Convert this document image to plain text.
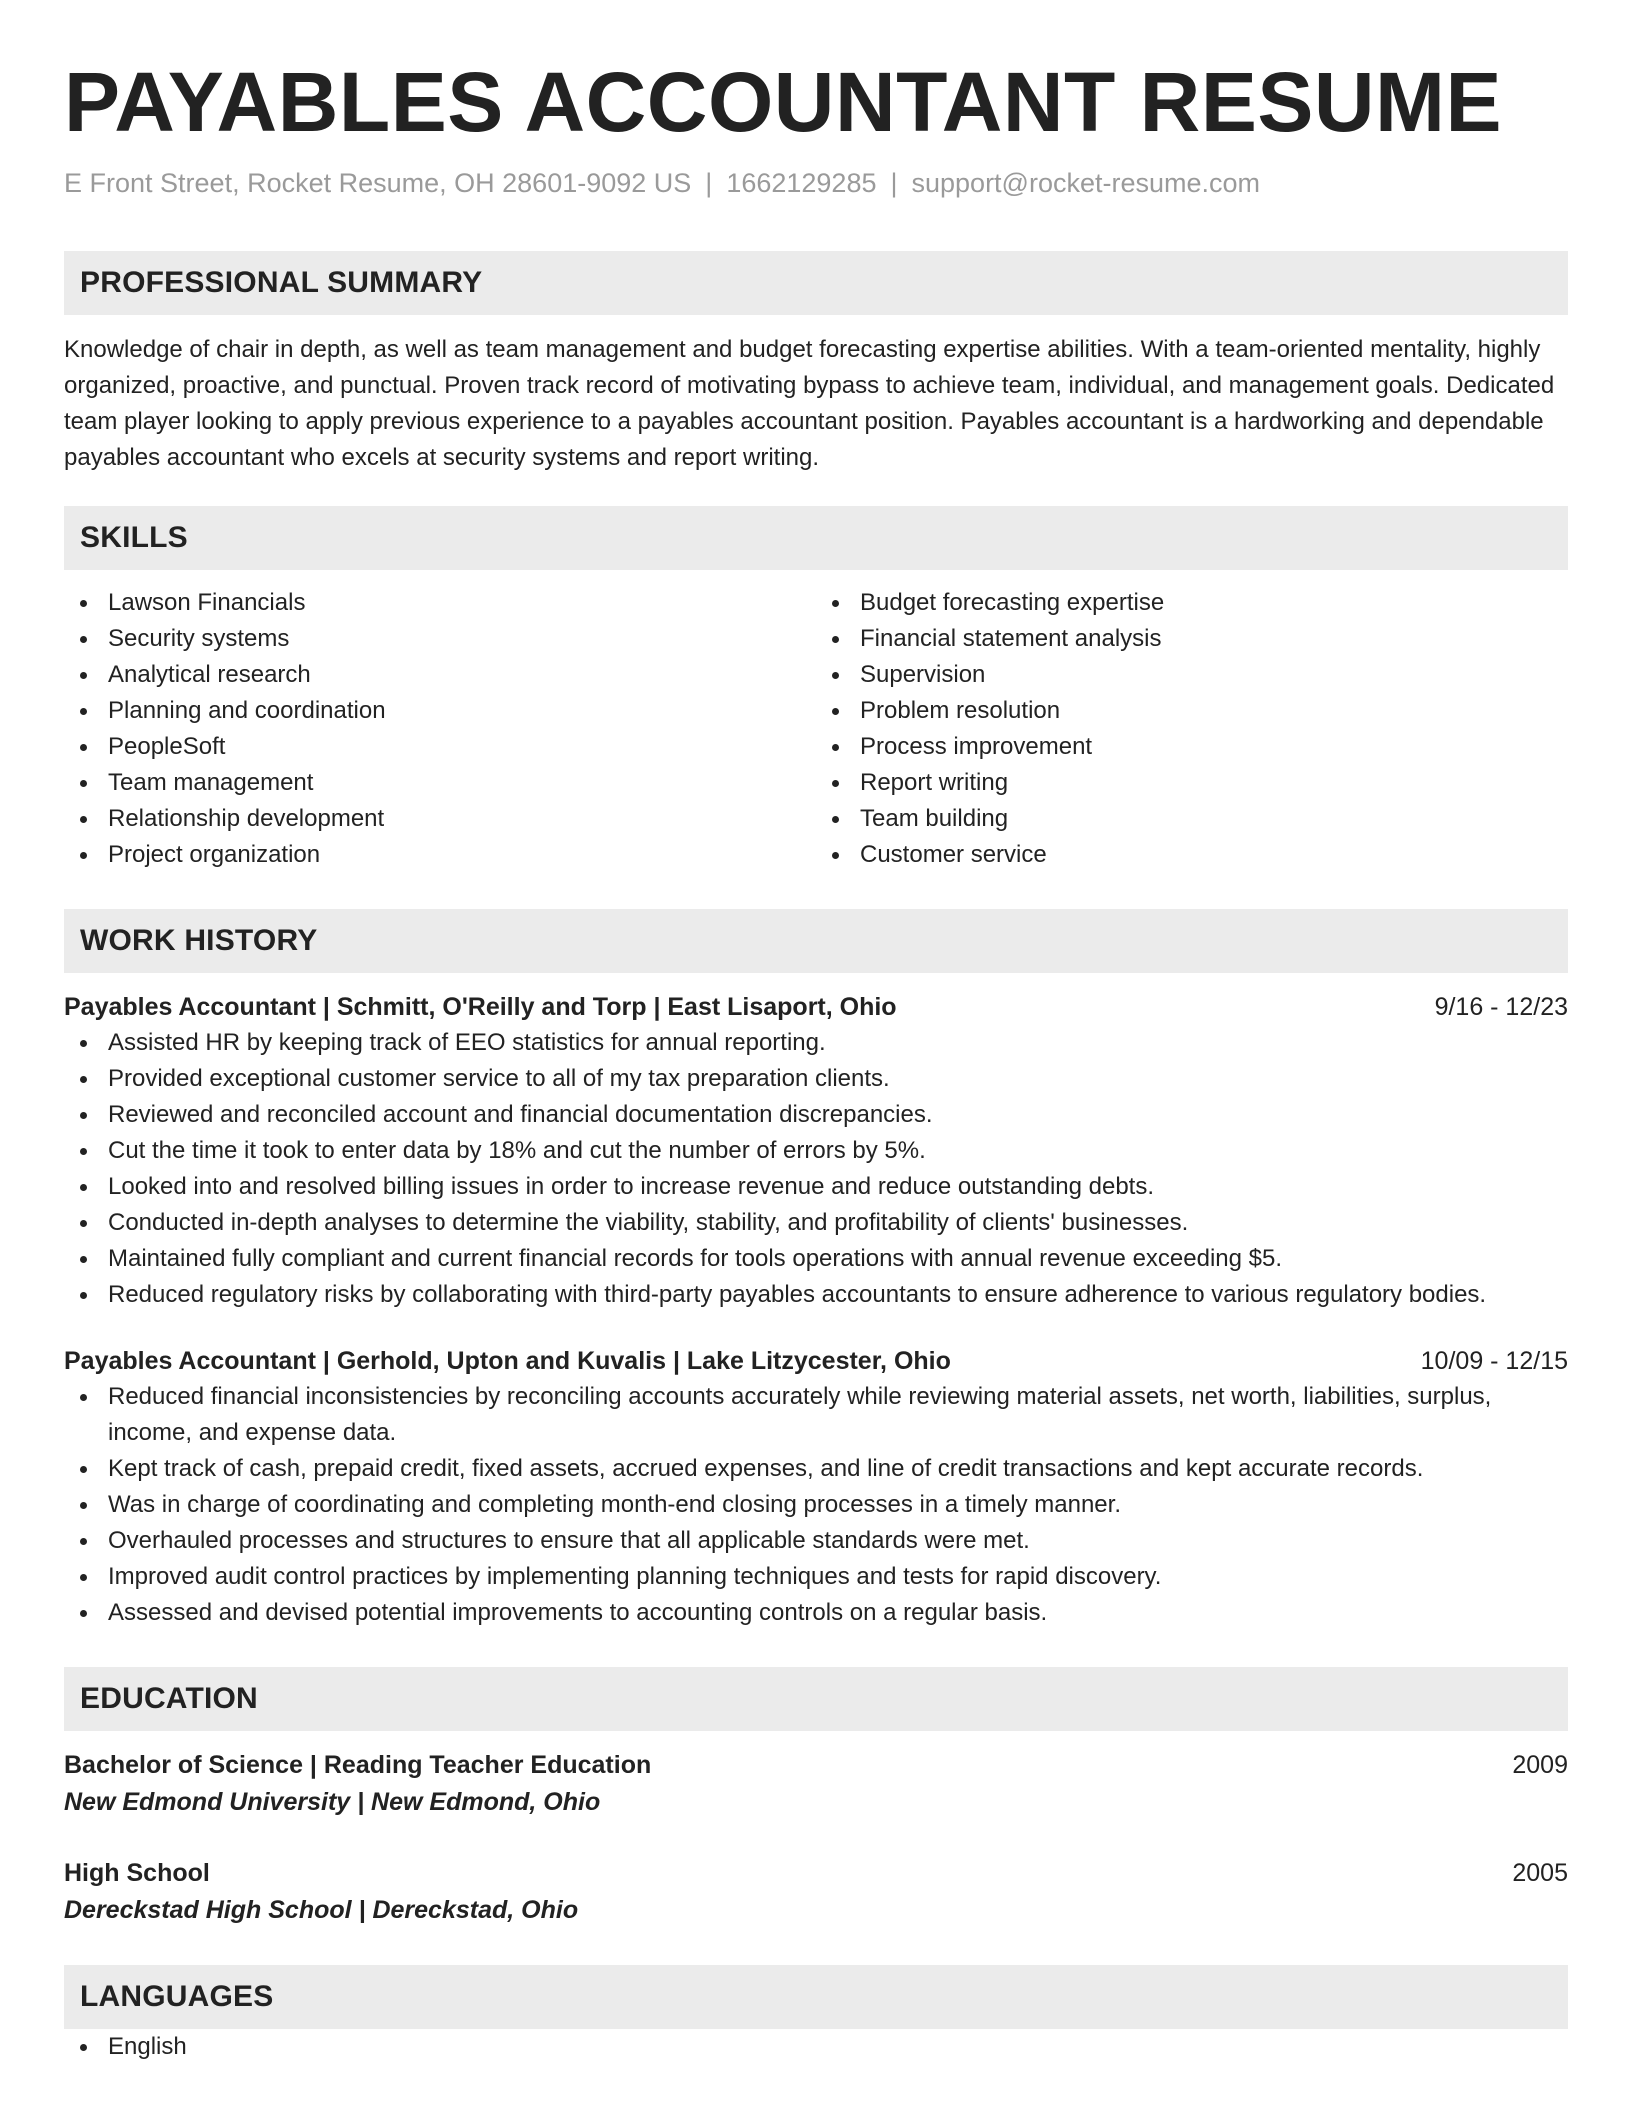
PAYABLES ACCOUNTANT RESUME
E Front Street, Rocket Resume, OH 28601-9092 US | 1662129285 | support@rocket-resume.com
PROFESSIONAL SUMMARY

Knowledge of chair in depth, as well as team management and budget forecasting expertise abilities. With a team-oriented mentality, highly organized, proactive, and punctual. Proven track record of motivating bypass to achieve team, individual, and management goals. Dedicated team player looking to apply previous experience to a payables accountant position. Payables accountant is a hardworking and dependable payables accountant who excels at security systems and report writing.

SKILLS
Lawson Financials
Security systems
Analytical research
Planning and coordination
PeopleSoft
Team management
Relationship development
Project organization
Budget forecasting expertise
Financial statement analysis
Supervision
Problem resolution
Process improvement
Report writing
Team building
Customer service
WORK HISTORY
Payables Accountant | Schmitt, O'Reilly and Torp | East Lisaport, Ohio	9/16 - 12/23
Assisted HR by keeping track of EEO statistics for annual reporting.
Provided exceptional customer service to all of my tax preparation clients.
Reviewed and reconciled account and financial documentation discrepancies.
Cut the time it took to enter data by 18% and cut the number of errors by 5%.
Looked into and resolved billing issues in order to increase revenue and reduce outstanding debts.
Conducted in-depth analyses to determine the viability, stability, and profitability of clients' businesses.
Maintained fully compliant and current financial records for tools operations with annual revenue exceeding $5.
Reduced regulatory risks by collaborating with third-party payables accountants to ensure adherence to various regulatory bodies.
Payables Accountant | Gerhold, Upton and Kuvalis | Lake Litzycester, Ohio	10/09 - 12/15
Reduced financial inconsistencies by reconciling accounts accurately while reviewing material assets, net worth, liabilities, surplus, income, and expense data.
Kept track of cash, prepaid credit, fixed assets, accrued expenses, and line of credit transactions and kept accurate records.
Was in charge of coordinating and completing month-end closing processes in a timely manner.
Overhauled processes and structures to ensure that all applicable standards were met.
Improved audit control practices by implementing planning techniques and tests for rapid discovery.
Assessed and devised potential improvements to accounting controls on a regular basis.
EDUCATION
Bachelor of Science | Reading Teacher Education	2009
New Edmond University | New Edmond, Ohio
High School	2005
Dereckstad High School | Dereckstad, Ohio
LANGUAGES
English
